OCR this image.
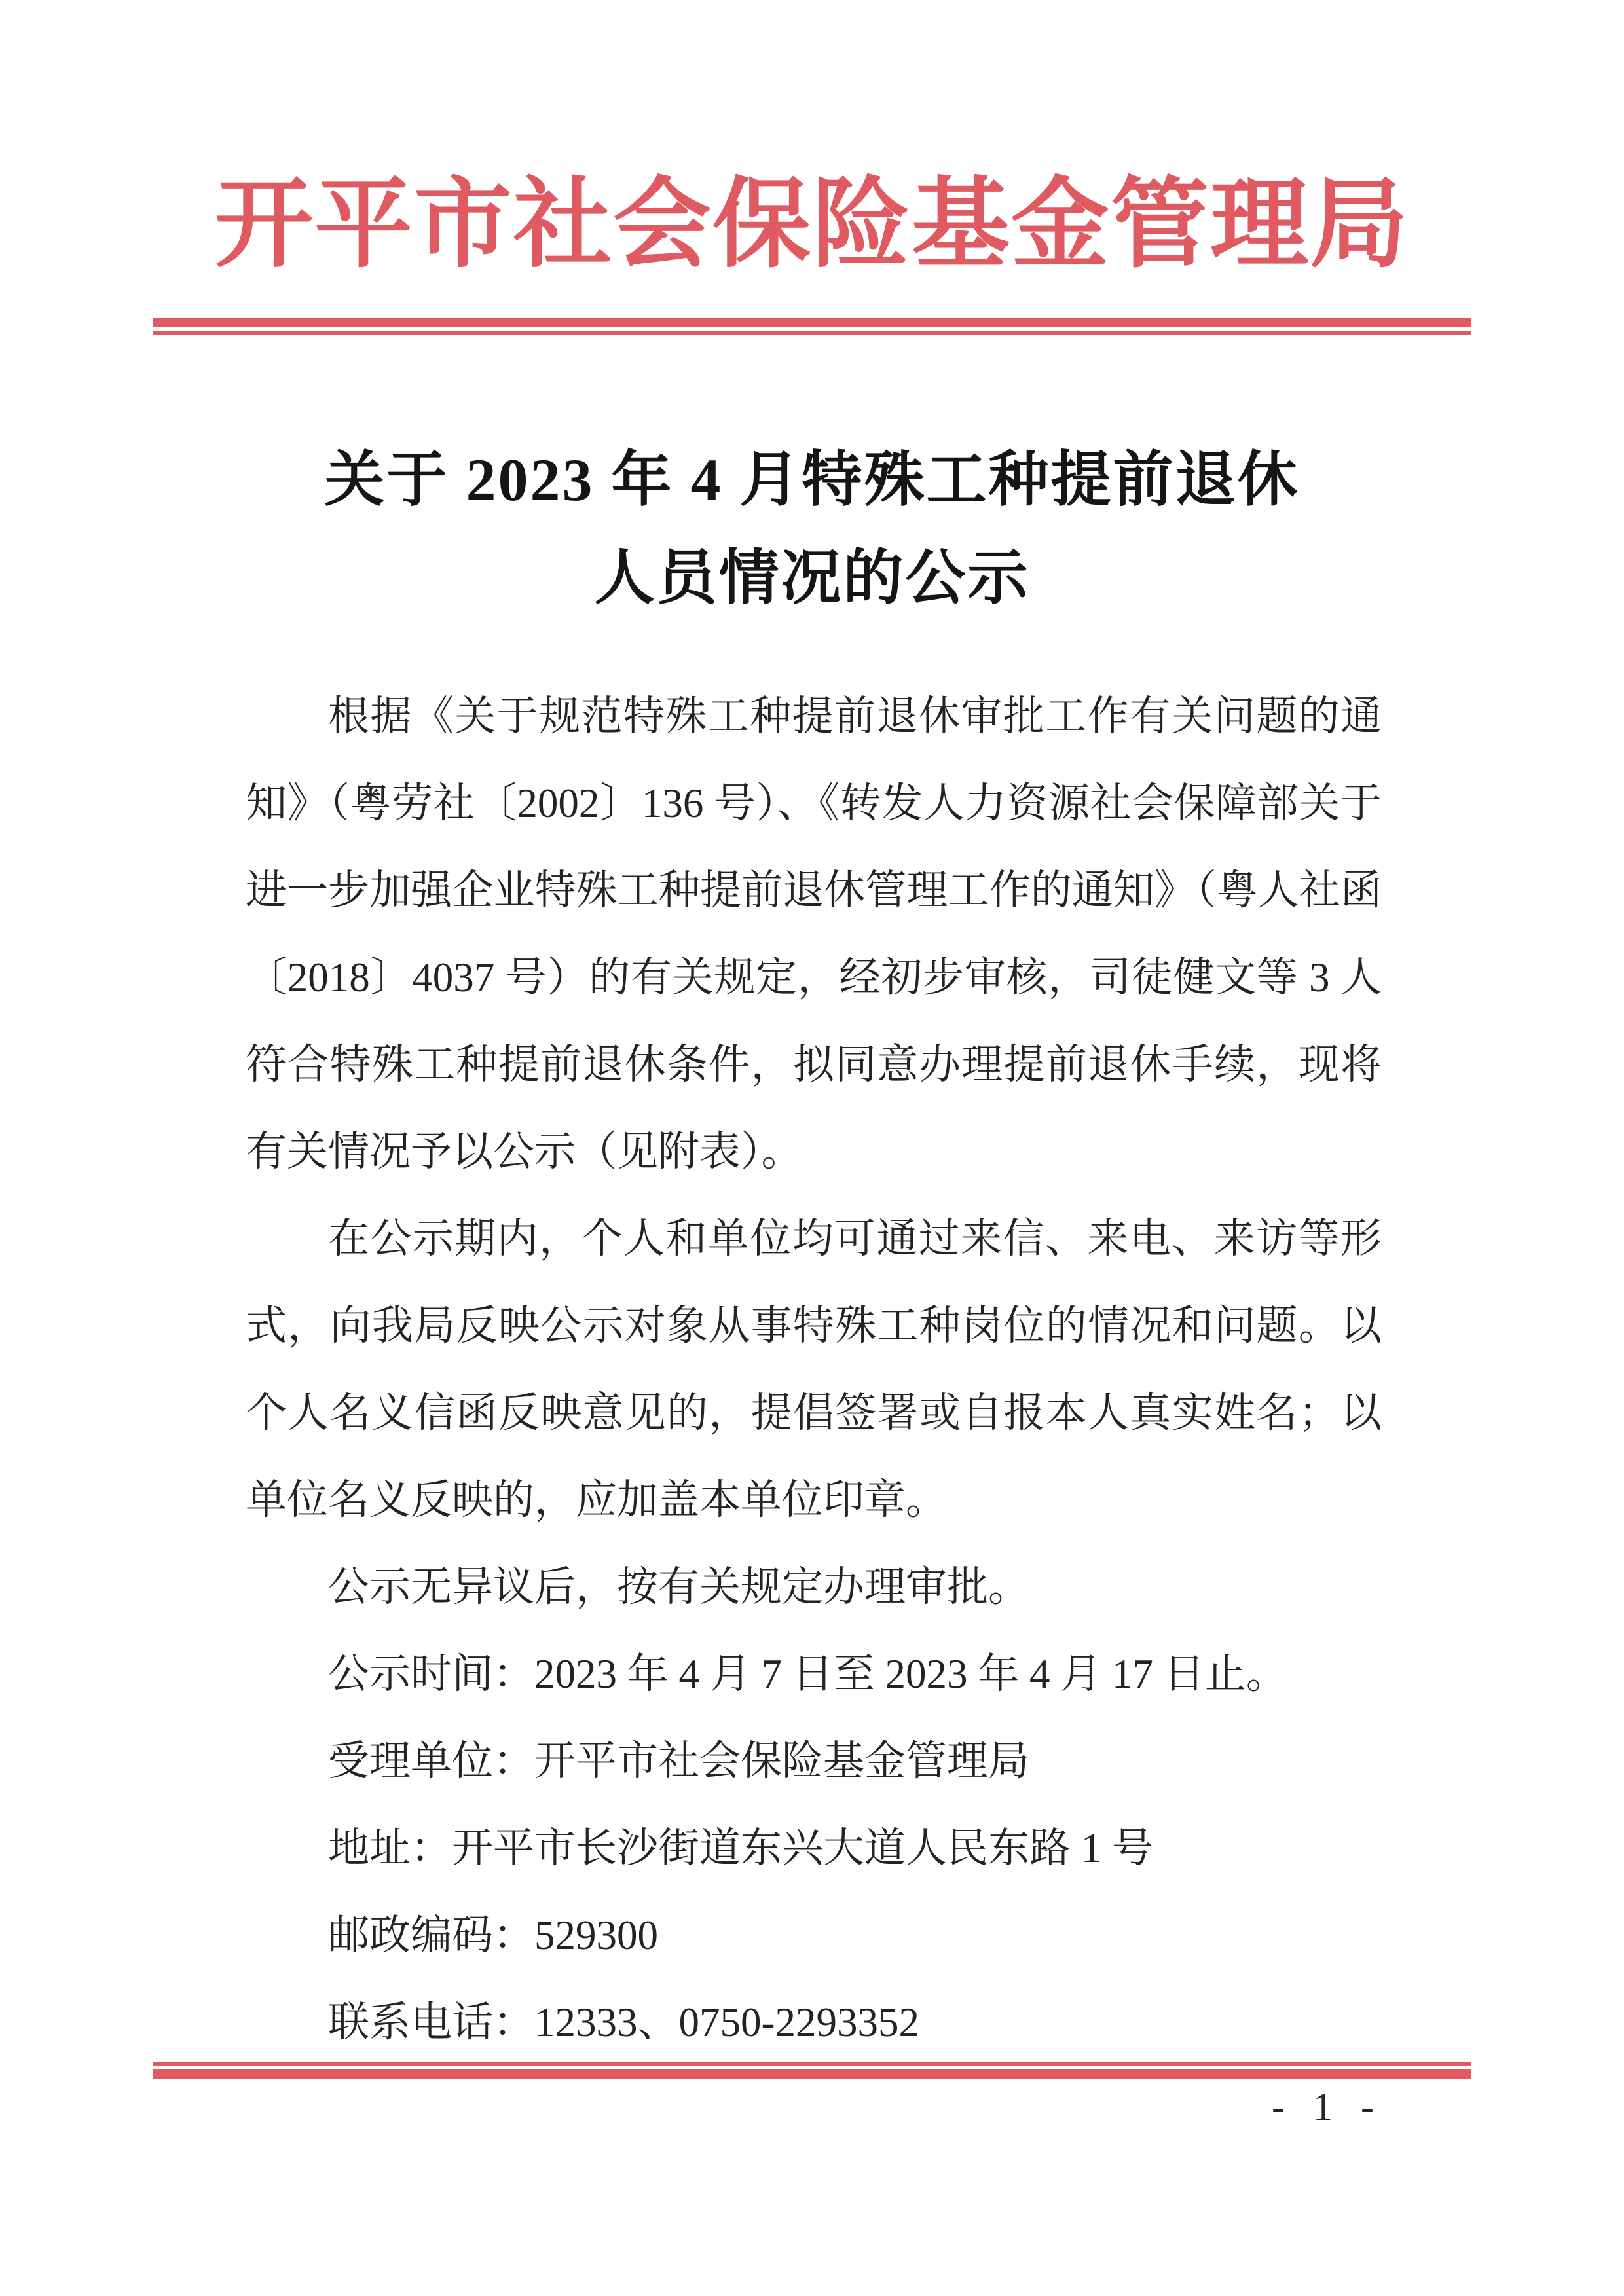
开平市社会保险基金管理局
关于 2023 年 4 月特殊工种提前退休
人员情况的公示

根据《关于规范特殊工种提前退休审批工作有关问题的通知》（粤劳社〔2002〕136 号）、《转发人力资源社会保障部关于进一步加强企业特殊工种提前退休管理工作的通知》（粤人社函〔2018〕4037 号）的有关规定，经初步审核，司徒健文等 3 人符合特殊工种提前退休条件，拟同意办理提前退休手续，现将有关情况予以公示（见附表）。

在公示期内，个人和单位均可通过来信、来电、来访等形式，向我局反映公示对象从事特殊工种岗位的情况和问题。以个人名义信函反映意见的，提倡签署或自报本人真实姓名；以单位名义反映的，应加盖本单位印章。

公示无异议后，按有关规定办理审批。

公示时间：2023 年 4 月 7 日至 2023 年 4 月 17 日止。

受理单位：开平市社会保险基金管理局

地址：开平市长沙街道东兴大道人民东路 1 号

邮政编码：529300

联系电话：12333、0750-2293352

- 1 -
